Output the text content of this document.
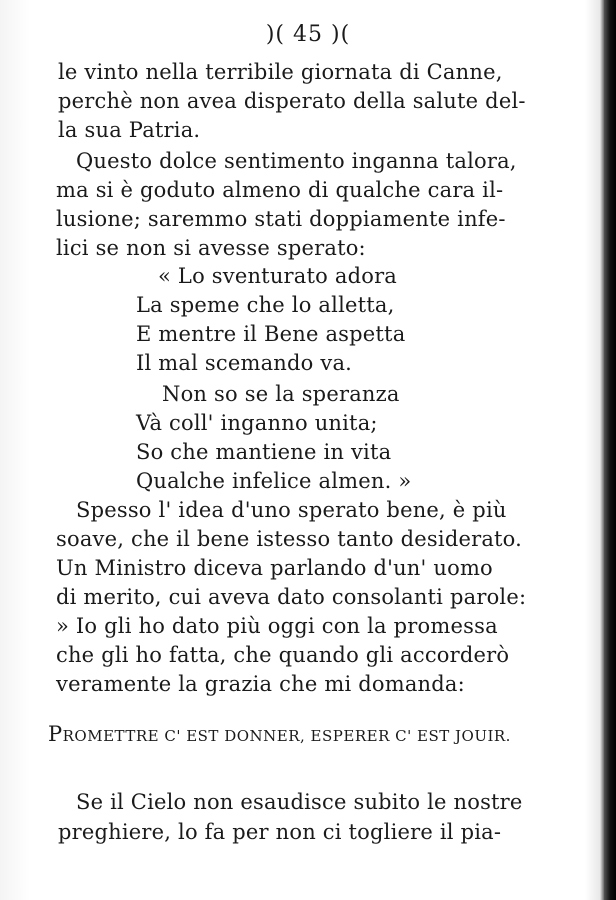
)( 45 )(
le vinto nella terribile giornata di Canne,
perchè non avea disperato della salute del-
la sua Patria.
Questo dolce sentimento inganna talora,
ma si è goduto almeno di qualche cara il-
lusione; saremmo stati doppiamente infe-
lici se non si avesse sperato:
« Lo sventurato adora
La speme che lo alletta,
E mentre il Bene aspetta
Il mal scemando va.
Non so se la speranza
Và coll' inganno unita;
So che mantiene in vita
Qualche infelice almen. »
Spesso l' idea d'uno sperato bene, è più
soave, che il bene istesso tanto desiderato.
Un Ministro diceva parlando d'un' uomo
di merito, cui aveva dato consolanti parole:
» Io gli ho dato più oggi con la promessa
che gli ho fatta, che quando gli accorderò
veramente la grazia che mi domanda:
PROMETTRE C' EST DONNER, ESPERER C' EST JOUIR.
Se il Cielo non esaudisce subito le nostre
preghiere, lo fa per non ci togliere il pia-
